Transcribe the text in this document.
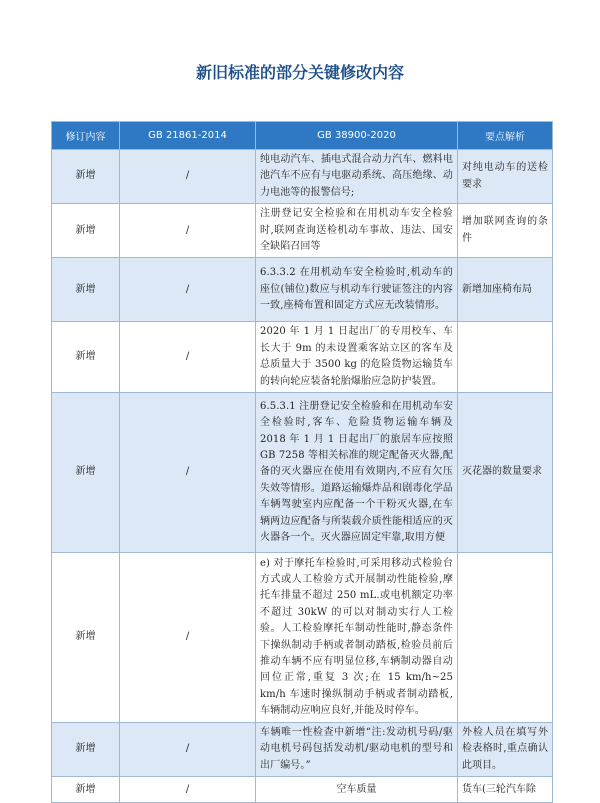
新旧标准的部分关键修改内容
修订内容	GB 21861-2014	GB 38900-2020	要点解析
新增	/	纯电动汽车、插电式混合动力汽车、燃料电池汽车不应有与电驱动系统、高压绝缘、动力电池等的报警信号;	对纯电动车的送检要求
新增	/	注册登记安全检验和在用机动车安全检验时,联网查询送检机动车事故、违法、国安全缺陷召回等	增加联网查询的条件
新增	/	6.3.3.2 在用机动车安全检验时,机动车的座位(铺位)数应与机动车行驶证签注的内容一致,座椅布置和固定方式应无改装情形。	新增加座椅布局
新增	/	2020 年 1 月 1 日起出厂的专用校车、车长大于 9m 的未设置乘客站立区的客车及总质量大于 3500 kg 的危险货物运输货车的转向轮应装备轮胎爆胎应急防护装置。	
新增	/	6.5.3.1 注册登记安全检验和在用机动车安全检验时,客车、危险货物运输车辆及 2018 年 1 月 1 日起出厂的旅居车应按照 GB 7258 等相关标准的规定配备灭火器,配备的灭火器应在使用有效期内,不应有欠压失效等情形。道路运输爆炸品和剧毒化学品车辆驾驶室内应配备一个干粉灭火器,在车辆两边应配备与所装载介质性能相适应的灭火器各一个。灭火器应固定牢靠,取用方便	灭花器的数量要求
新增	/	e) 对于摩托车检验时,可采用移动式检验台方式或人工检验方式开展制动性能检验,摩托车排量不超过 250 mL.或电机额定功率不超过 30kW 的可以对制动实行人工检验。人工检验摩托车制动性能时,静态条件下操纵制动手柄或者制动踏板,检验员前后推动车辆不应有明显位移,车辆制动器自动回位正常,重复 3 次;在 15 km/h~25 km/h 车速时操纵制动手柄或者制动踏板,车辆制动应响应良好,并能及时停车。	
新增	/	车辆唯一性检查中新增“注:发动机号码/驱动电机号码包括发动机/驱动电机的型号和出厂编号。”	外检人员在填写外检表格时,重点确认此项目。
新增	/	空车质量	货车(三轮汽车除
